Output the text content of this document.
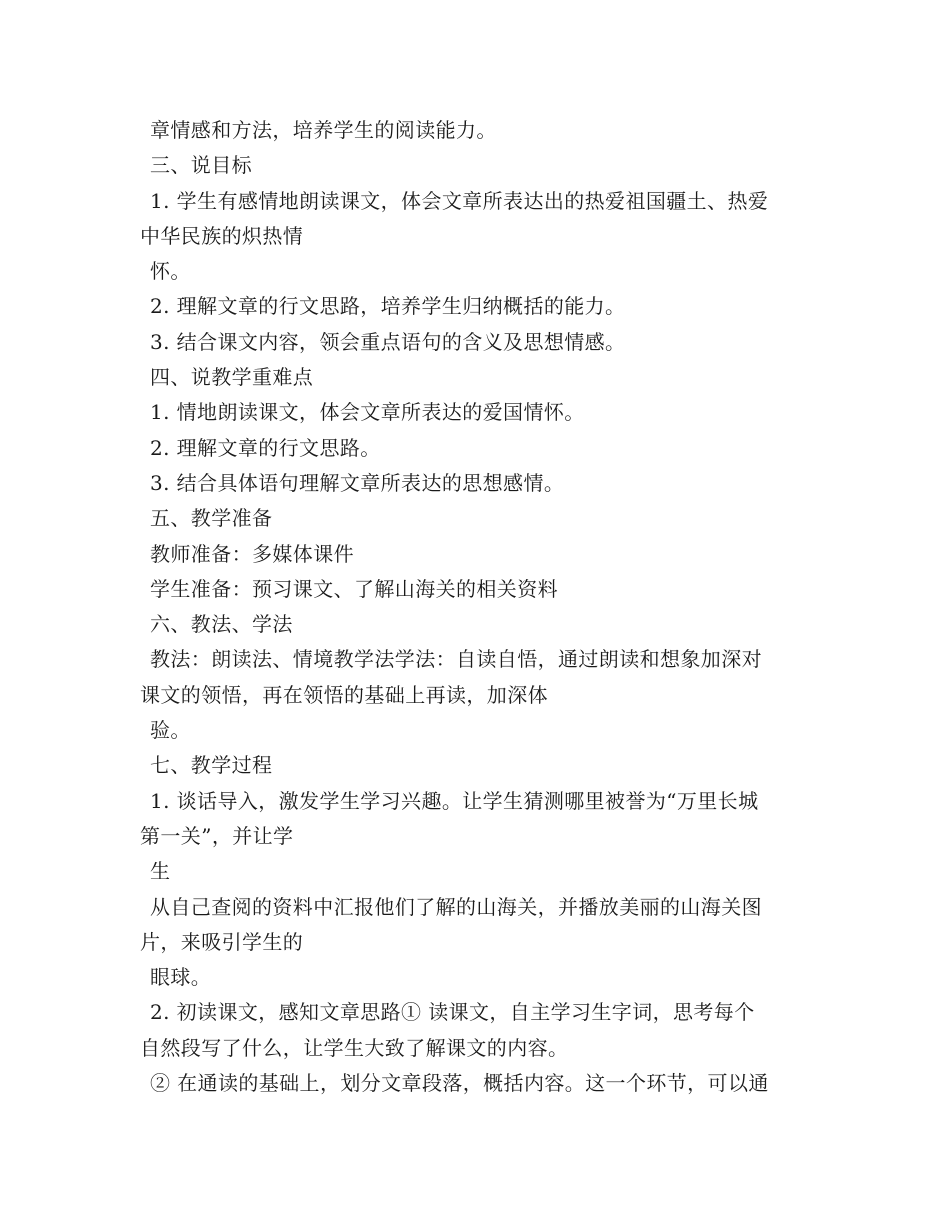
章情感和方法，培养学生的阅读能力。
三、说目标
1. 学生有感情地朗读课文，体会文章所表达出的热爱祖国疆土、热爱
中华民族的炽热情
怀。
2. 理解文章的行文思路，培养学生归纳概括的能力。
3. 结合课文内容，领会重点语句的含义及思想情感。
四、说教学重难点
1. 情地朗读课文，体会文章所表达的爱国情怀。
2. 理解文章的行文思路。
3. 结合具体语句理解文章所表达的思想感情。
五、教学准备
教师准备：多媒体课件
学生准备：预习课文、了解山海关的相关资料
六、教法、学法
教法：朗读法、情境教学法学法：自读自悟，通过朗读和想象加深对
课文的领悟，再在领悟的基础上再读，加深体
验。
七、教学过程
1. 谈话导入，激发学生学习兴趣。让学生猜测哪里被誉为“万里长城
第一关”，并让学
生
从自己查阅的资料中汇报他们了解的山海关，并播放美丽的山海关图
片，来吸引学生的
眼球。
2. 初读课文，感知文章思路① 读课文，自主学习生字词，思考每个
自然段写了什么，让学生大致了解课文的内容。
② 在通读的基础上，划分文章段落，概括内容。这一个环节，可以通
